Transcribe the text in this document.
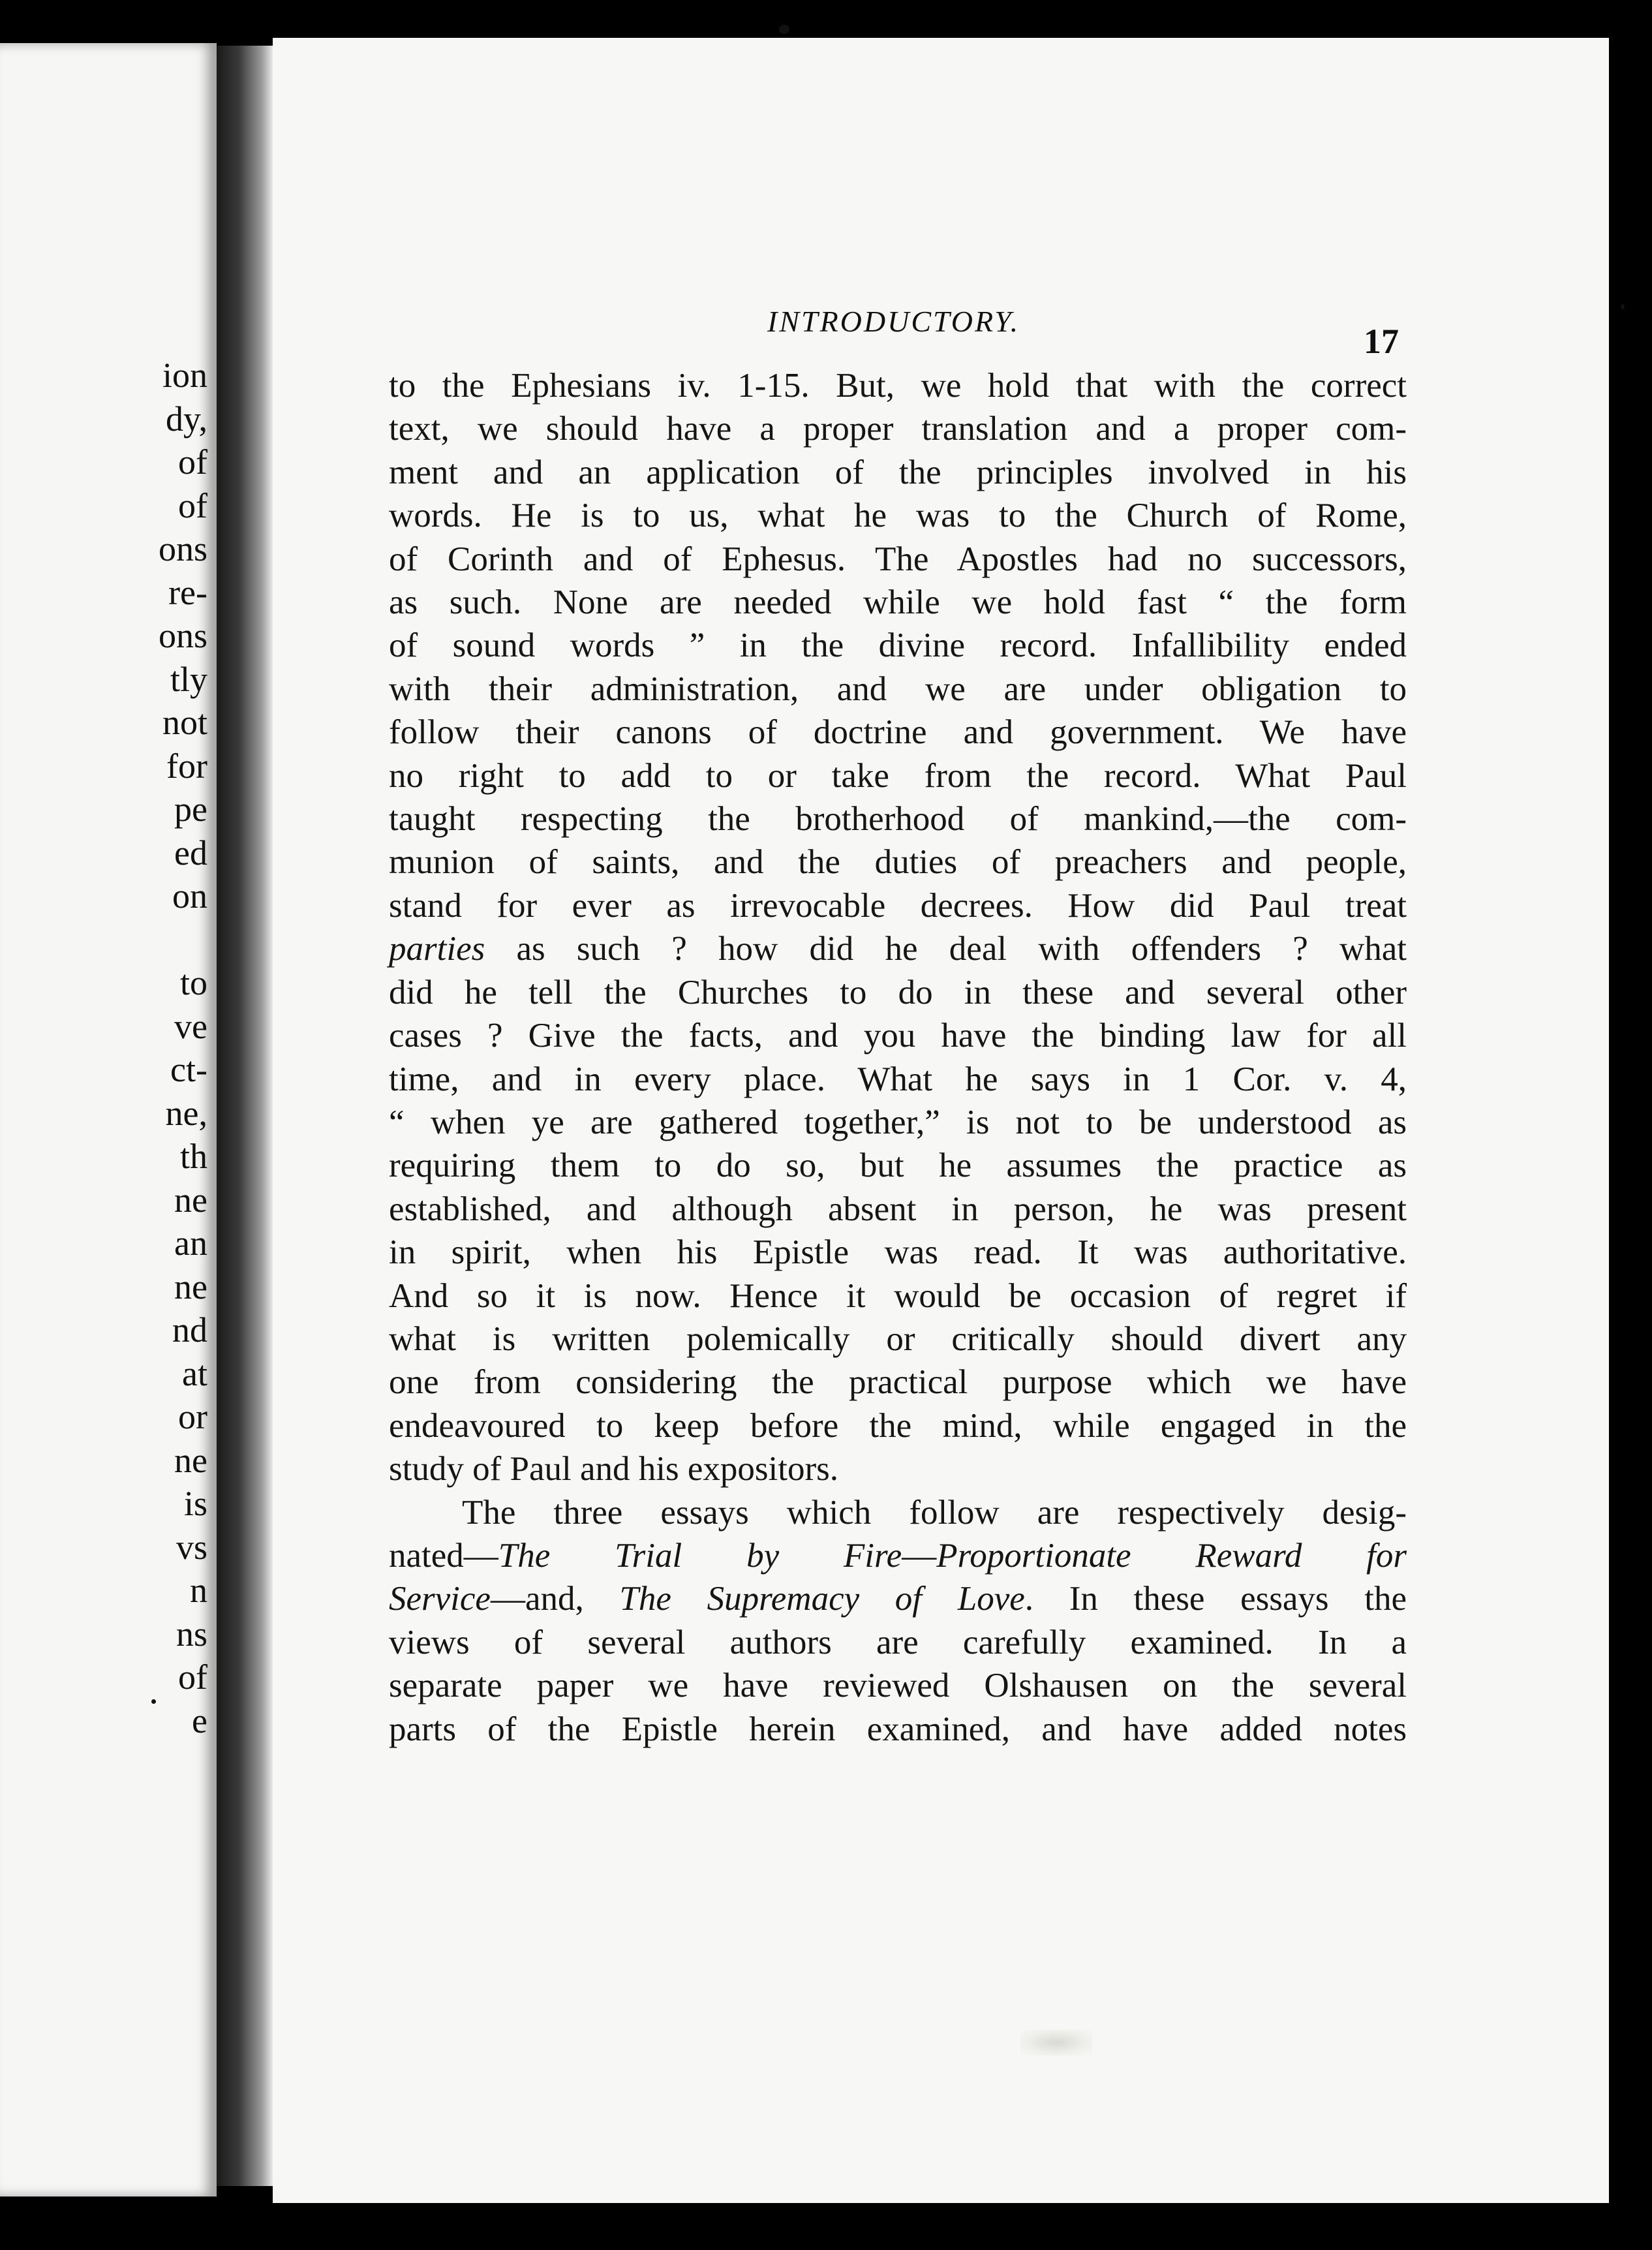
ion
dy,
of
of
ons
re-
ons
tly
not
for
pe
ed
on

to
ve
ct-
ne,
th
ne
an
ne
nd
at
or
ne
is
vs
n
ns
of
e
INTRODUCTORY.
17
to the Ephesians iv. 1-15. But, we hold that with the correct
text, we should have a proper translation and a proper com-
ment and an application of the principles involved in his
words. He is to us, what he was to the Church of Rome,
of Corinth and of Ephesus. The Apostles had no successors,
as such. None are needed while we hold fast “ the form
of sound words ” in the divine record. Infallibility ended
with their administration, and we are under obligation to
follow their canons of doctrine and government. We have
no right to add to or take from the record. What Paul
taught respecting the brotherhood of mankind,—the com-
munion of saints, and the duties of preachers and people,
stand for ever as irrevocable decrees. How did Paul treat
parties as such ? how did he deal with offenders ? what
did he tell the Churches to do in these and several other
cases ? Give the facts, and you have the binding law for all
time, and in every place. What he says in 1 Cor. v. 4,
“ when ye are gathered together,” is not to be understood as
requiring them to do so, but he assumes the practice as
established, and although absent in person, he was present
in spirit, when his Epistle was read. It was authoritative.
And so it is now. Hence it would be occasion of regret if
what is written polemically or critically should divert any
one from considering the practical purpose which we have
endeavoured to keep before the mind, while engaged in the
study of Paul and his expositors.
The three essays which follow are respectively desig-
nated—The Trial by Fire—Proportionate Reward for
Service—and, The Supremacy of Love. In these essays the
views of several authors are carefully examined. In a
separate paper we have reviewed Olshausen on the several
parts of the Epistle herein examined, and have added notes
